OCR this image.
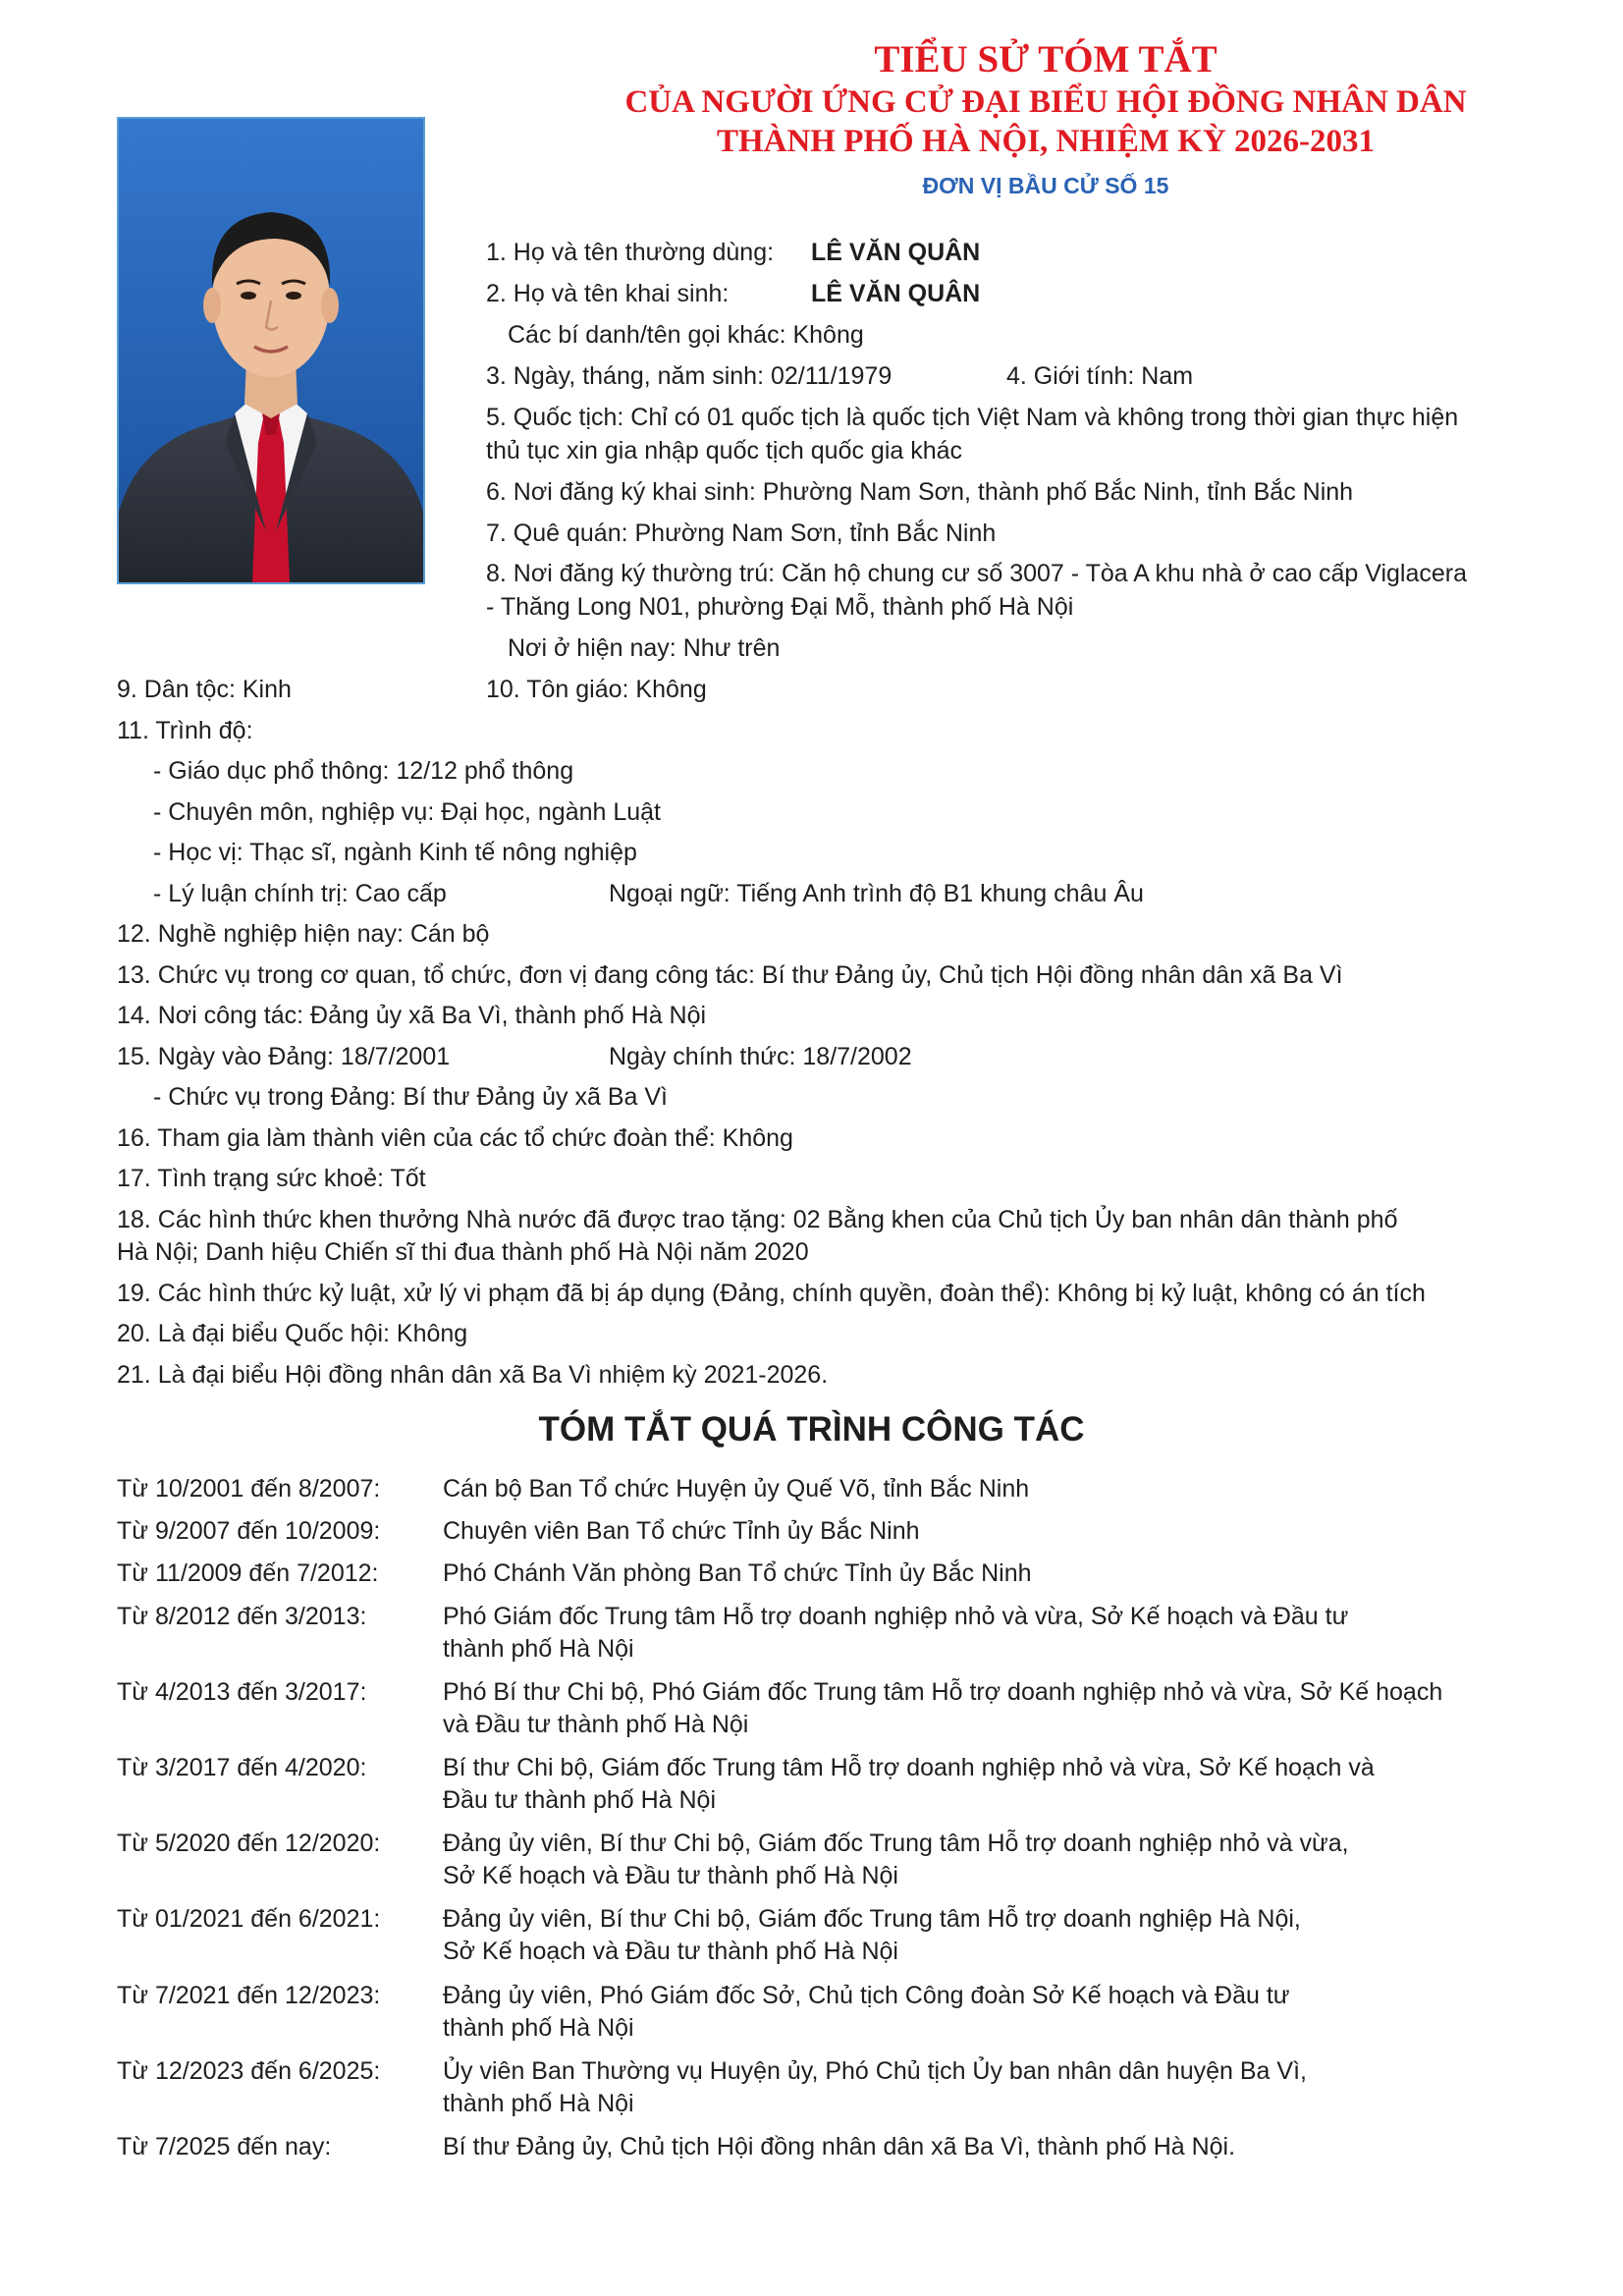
TIỂU SỬ TÓM TẮT
CỦA NGƯỜI ỨNG CỬ ĐẠI BIỂU HỘI ĐỒNG NHÂN DÂN
THÀNH PHỐ HÀ NỘI, NHIỆM KỲ 2026-2031
ĐƠN VỊ BẦU CỬ SỐ 15
1. Họ và tên thường dùng: LÊ VĂN QUÂN
2. Họ và tên khai sinh:	LÊ VĂN QUÂN
Các bí danh/tên gọi khác: Không
3. Ngày, tháng, năm sinh: 02/11/1979	4. Giới tính: Nam
5. Quốc tịch: Chỉ có 01 quốc tịch là quốc tịch Việt Nam và không trong thời gian thực hiện
thủ tục xin gia nhập quốc tịch quốc gia khác
6. Nơi đăng ký khai sinh: Phường Nam Sơn, thành phố Bắc Ninh, tỉnh Bắc Ninh
7. Quê quán: Phường Nam Sơn, tỉnh Bắc Ninh
8. Nơi đăng ký thường trú: Căn hộ chung cư số 3007 - Tòa A khu nhà ở cao cấp Viglacera
- Thăng Long N01, phường Đại Mỗ, thành phố Hà Nội
Nơi ở hiện nay: Như trên
9. Dân tộc: Kinh	10. Tôn giáo: Không
11. Trình độ:
- Giáo dục phổ thông: 12/12 phổ thông
- Chuyên môn, nghiệp vụ: Đại học, ngành Luật
- Học vị: Thạc sĩ, ngành Kinh tế nông nghiệp
- Lý luận chính trị: Cao cấp	Ngoại ngữ: Tiếng Anh trình độ B1 khung châu Âu
12. Nghề nghiệp hiện nay: Cán bộ
13. Chức vụ trong cơ quan, tổ chức, đơn vị đang công tác: Bí thư Đảng ủy, Chủ tịch Hội đồng nhân dân xã Ba Vì
14. Nơi công tác: Đảng ủy xã Ba Vì, thành phố Hà Nội
15. Ngày vào Đảng: 18/7/2001	Ngày chính thức: 18/7/2002
- Chức vụ trong Đảng: Bí thư Đảng ủy xã Ba Vì
16. Tham gia làm thành viên của các tổ chức đoàn thể: Không
17. Tình trạng sức khoẻ: Tốt
18. Các hình thức khen thưởng Nhà nước đã được trao tặng: 02 Bằng khen của Chủ tịch Ủy ban nhân dân thành phố
Hà Nội; Danh hiệu Chiến sĩ thi đua thành phố Hà Nội năm 2020
19. Các hình thức kỷ luật, xử lý vi phạm đã bị áp dụng (Đảng, chính quyền, đoàn thể): Không bị kỷ luật, không có án tích
20. Là đại biểu Quốc hội: Không
21. Là đại biểu Hội đồng nhân dân xã Ba Vì nhiệm kỳ 2021-2026.
TÓM TẮT QUÁ TRÌNH CÔNG TÁC
Từ 10/2001 đến 8/2007:	Cán bộ Ban Tổ chức Huyện ủy Quế Võ, tỉnh Bắc Ninh
Từ 9/2007 đến 10/2009:	Chuyên viên Ban Tổ chức Tỉnh ủy Bắc Ninh
Từ 11/2009 đến 7/2012:	Phó Chánh Văn phòng Ban Tổ chức Tỉnh ủy Bắc Ninh
Từ 8/2012 đến 3/2013:	Phó Giám đốc Trung tâm Hỗ trợ doanh nghiệp nhỏ và vừa, Sở Kế hoạch và Đầu tư
thành phố Hà Nội
Từ 4/2013 đến 3/2017:	Phó Bí thư Chi bộ, Phó Giám đốc Trung tâm Hỗ trợ doanh nghiệp nhỏ và vừa, Sở Kế hoạch
và Đầu tư thành phố Hà Nội
Từ 3/2017 đến 4/2020:	Bí thư Chi bộ, Giám đốc Trung tâm Hỗ trợ doanh nghiệp nhỏ và vừa, Sở Kế hoạch và
Đầu tư thành phố Hà Nội
Từ 5/2020 đến 12/2020:	Đảng ủy viên, Bí thư Chi bộ, Giám đốc Trung tâm Hỗ trợ doanh nghiệp nhỏ và vừa,
Sở Kế hoạch và Đầu tư thành phố Hà Nội
Từ 01/2021 đến 6/2021:	Đảng ủy viên, Bí thư Chi bộ, Giám đốc Trung tâm Hỗ trợ doanh nghiệp Hà Nội,
Sở Kế hoạch và Đầu tư thành phố Hà Nội
Từ 7/2021 đến 12/2023:	Đảng ủy viên, Phó Giám đốc Sở, Chủ tịch Công đoàn Sở Kế hoạch và Đầu tư
thành phố Hà Nội
Từ 12/2023 đến 6/2025:	Ủy viên Ban Thường vụ Huyện ủy, Phó Chủ tịch Ủy ban nhân dân huyện Ba Vì,
thành phố Hà Nội
Từ 7/2025 đến nay:	Bí thư Đảng ủy, Chủ tịch Hội đồng nhân dân xã Ba Vì, thành phố Hà Nội.
